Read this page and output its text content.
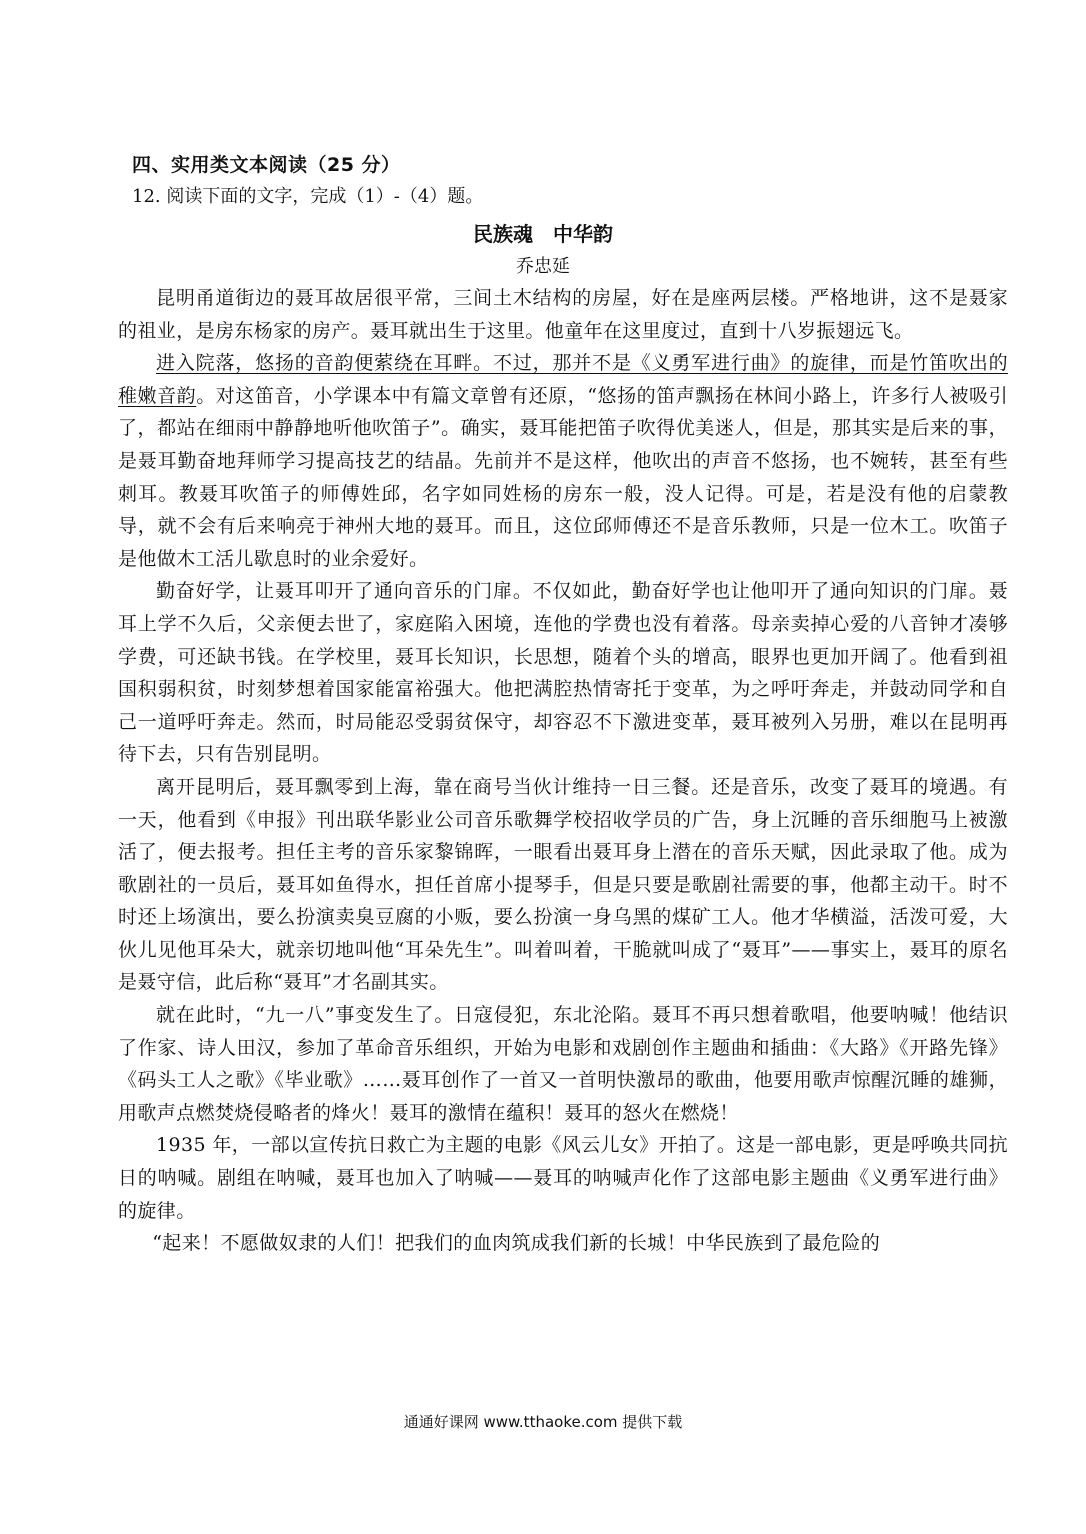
四、实用类文本阅读（25 分）
12. 阅读下面的文字，完成（1）-（4）题。
民族魂　中华韵
乔忠延

昆明甬道街边的聂耳故居很平常，三间土木结构的房屋，好在是座两层楼。严格地讲，这不是聂家的祖业，是房东杨家的房产。聂耳就出生于这里。他童年在这里度过，直到十八岁振翅远飞。

进入院落，悠扬的音韵便萦绕在耳畔。不过，那并不是《义勇军进行曲》的旋律，而是竹笛吹出的稚嫩音韵。对这笛音，小学课本中有篇文章曾有还原，“悠扬的笛声飘扬在林间小路上，许多行人被吸引了，都站在细雨中静静地听他吹笛子”。确实，聂耳能把笛子吹得优美迷人，但是，那其实是后来的事，是聂耳勤奋地拜师学习提高技艺的结晶。先前并不是这样，他吹出的声音不悠扬，也不婉转，甚至有些刺耳。教聂耳吹笛子的师傅姓邱，名字如同姓杨的房东一般，没人记得。可是，若是没有他的启蒙教导，就不会有后来响亮于神州大地的聂耳。而且，这位邱师傅还不是音乐教师，只是一位木工。吹笛子是他做木工活儿歇息时的业余爱好。

勤奋好学，让聂耳叩开了通向音乐的门扉。不仅如此，勤奋好学也让他叩开了通向知识的门扉。聂耳上学不久后，父亲便去世了，家庭陷入困境，连他的学费也没有着落。母亲卖掉心爱的八音钟才凑够学费，可还缺书钱。在学校里，聂耳长知识，长思想，随着个头的增高，眼界也更加开阔了。他看到祖国积弱积贫，时刻梦想着国家能富裕强大。他把满腔热情寄托于变革，为之呼吁奔走，并鼓动同学和自己一道呼吁奔走。然而，时局能忍受弱贫保守，却容忍不下激进变革，聂耳被列入另册，难以在昆明再待下去，只有告别昆明。

离开昆明后，聂耳飘零到上海，靠在商号当伙计维持一日三餐。还是音乐，改变了聂耳的境遇。有一天，他看到《申报》刊出联华影业公司音乐歌舞学校招收学员的广告，身上沉睡的音乐细胞马上被激活了，便去报考。担任主考的音乐家黎锦晖，一眼看出聂耳身上潜在的音乐天赋，因此录取了他。成为歌剧社的一员后，聂耳如鱼得水，担任首席小提琴手，但是只要是歌剧社需要的事，他都主动干。时不时还上场演出，要么扮演卖臭豆腐的小贩，要么扮演一身乌黑的煤矿工人。他才华横溢，活泼可爱，大伙儿见他耳朵大，就亲切地叫他“耳朵先生”。叫着叫着，干脆就叫成了“聂耳”——事实上，聂耳的原名是聂守信，此后称“聂耳”才名副其实。

就在此时，“九一八”事变发生了。日寇侵犯，东北沦陷。聂耳不再只想着歌唱，他要呐喊！他结识了作家、诗人田汉，参加了革命音乐组织，开始为电影和戏剧创作主题曲和插曲：《大路》《开路先锋》《码头工人之歌》《毕业歌》……聂耳创作了一首又一首明快激昂的歌曲，他要用歌声惊醒沉睡的雄狮，用歌声点燃焚烧侵略者的烽火！聂耳的激情在蕴积！聂耳的怒火在燃烧！

1935 年，一部以宣传抗日救亡为主题的电影《风云儿女》开拍了。这是一部电影，更是呼唤共同抗日的呐喊。剧组在呐喊，聂耳也加入了呐喊——聂耳的呐喊声化作了这部电影主题曲《义勇军进行曲》的旋律。

“起来！不愿做奴隶的人们！把我们的血肉筑成我们新的长城！中华民族到了最危险的

通通好课网 www.tthaoke.com 提供下载
